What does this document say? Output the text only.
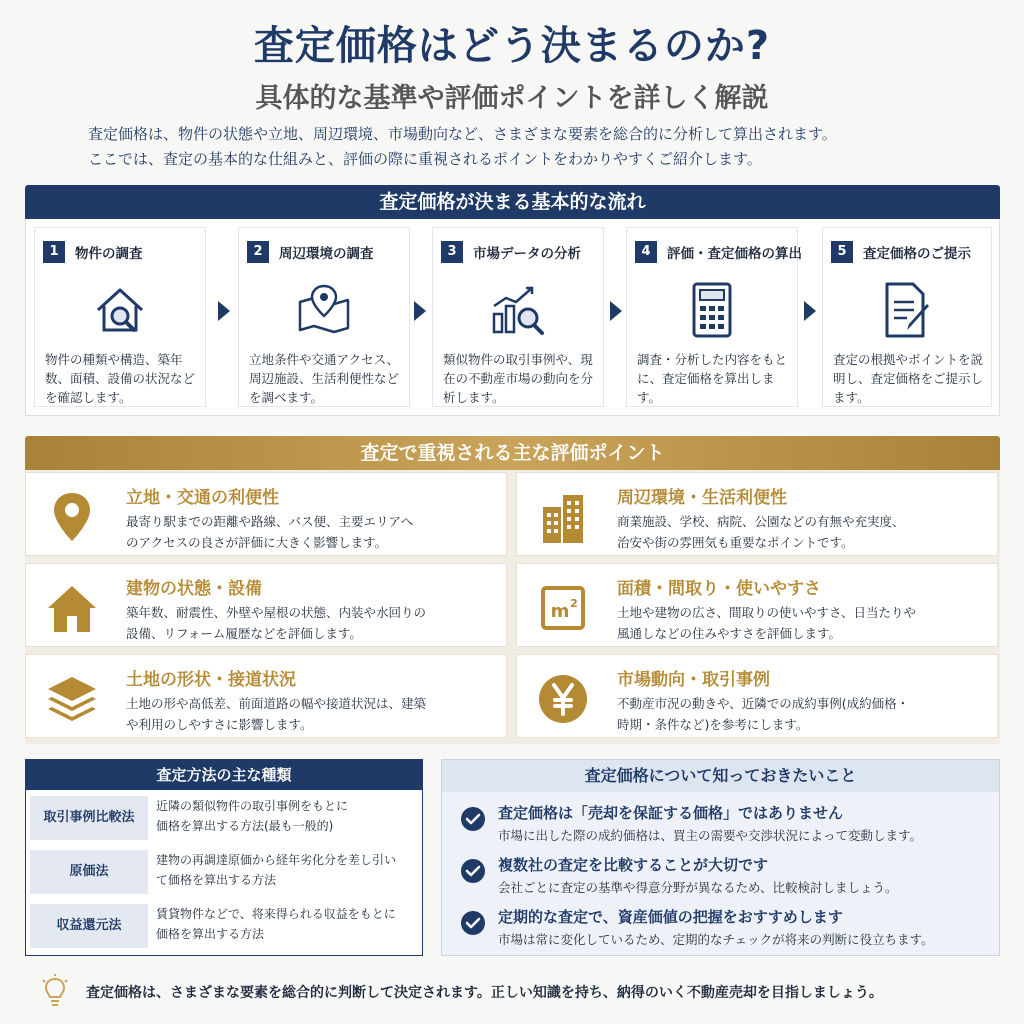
査定価格はどう決まるのか?
具体的な基準や評価ポイントを詳しく解説
査定価格は、物件の状態や立地、周辺環境、市場動向など、さまざまな要素を総合的に分析して算出されます。
ここでは、査定の基本的な仕組みと、評価の際に重視されるポイントをわかりやすくご紹介します。
査定価格が決まる基本的な流れ
1	物件の調査
物件の種類や構造、築年数、面積、設備の状況などを確認します。
2	周辺環境の調査
立地条件や交通アクセス、周辺施設、生活利便性などを調べます。
3	市場データの分析
類似物件の取引事例や、現在の不動産市場の動向を分析します。
4	評価・査定価格の算出
調査・分析した内容をもとに、査定価格を算出します。
5	査定価格のご提示
査定の根拠やポイントを説明し、査定価格をご提示します。
査定で重視される主な評価ポイント
立地・交通の利便性
最寄り駅までの距離や路線、バス便、主要エリアへ
のアクセスの良さが評価に大きく影響します。
周辺環境・生活利便性
商業施設、学校、病院、公園などの有無や充実度、
治安や街の雰囲気も重要なポイントです。
建物の状態・設備
築年数、耐震性、外壁や屋根の状態、内装や水回りの
設備、リフォーム履歴などを評価します。
m 2
面積・間取り・使いやすさ
土地や建物の広さ、間取りの使いやすさ、日当たりや
風通しなどの住みやすさを評価します。
土地の形状・接道状況
土地の形や高低差、前面道路の幅や接道状況は、建築
や利用のしやすさに影響します。
市場動向・取引事例
不動産市況の動きや、近隣での成約事例(成約価格・
時期・条件など)を参考にします。
査定方法の主な種類
取引事例比較法
近隣の類似物件の取引事例をもとに
価格を算出する方法(最も一般的)
原価法
建物の再調達原価から経年劣化分を差し引い
て価格を算出する方法
収益還元法
賃貸物件などで、将来得られる収益をもとに
価格を算出する方法
査定価格について知っておきたいこと
査定価格は「売却を保証する価格」ではありません
市場に出した際の成約価格は、買主の需要や交渉状況によって変動します。
複数社の査定を比較することが大切です
会社ごとに査定の基準や得意分野が異なるため、比較検討しましょう。
定期的な査定で、資産価値の把握をおすすめします
市場は常に変化しているため、定期的なチェックが将来の判断に役立ちます。
査定価格は、さまざまな要素を総合的に判断して決定されます。正しい知識を持ち、納得のいく不動産売却を目指しましょう。
